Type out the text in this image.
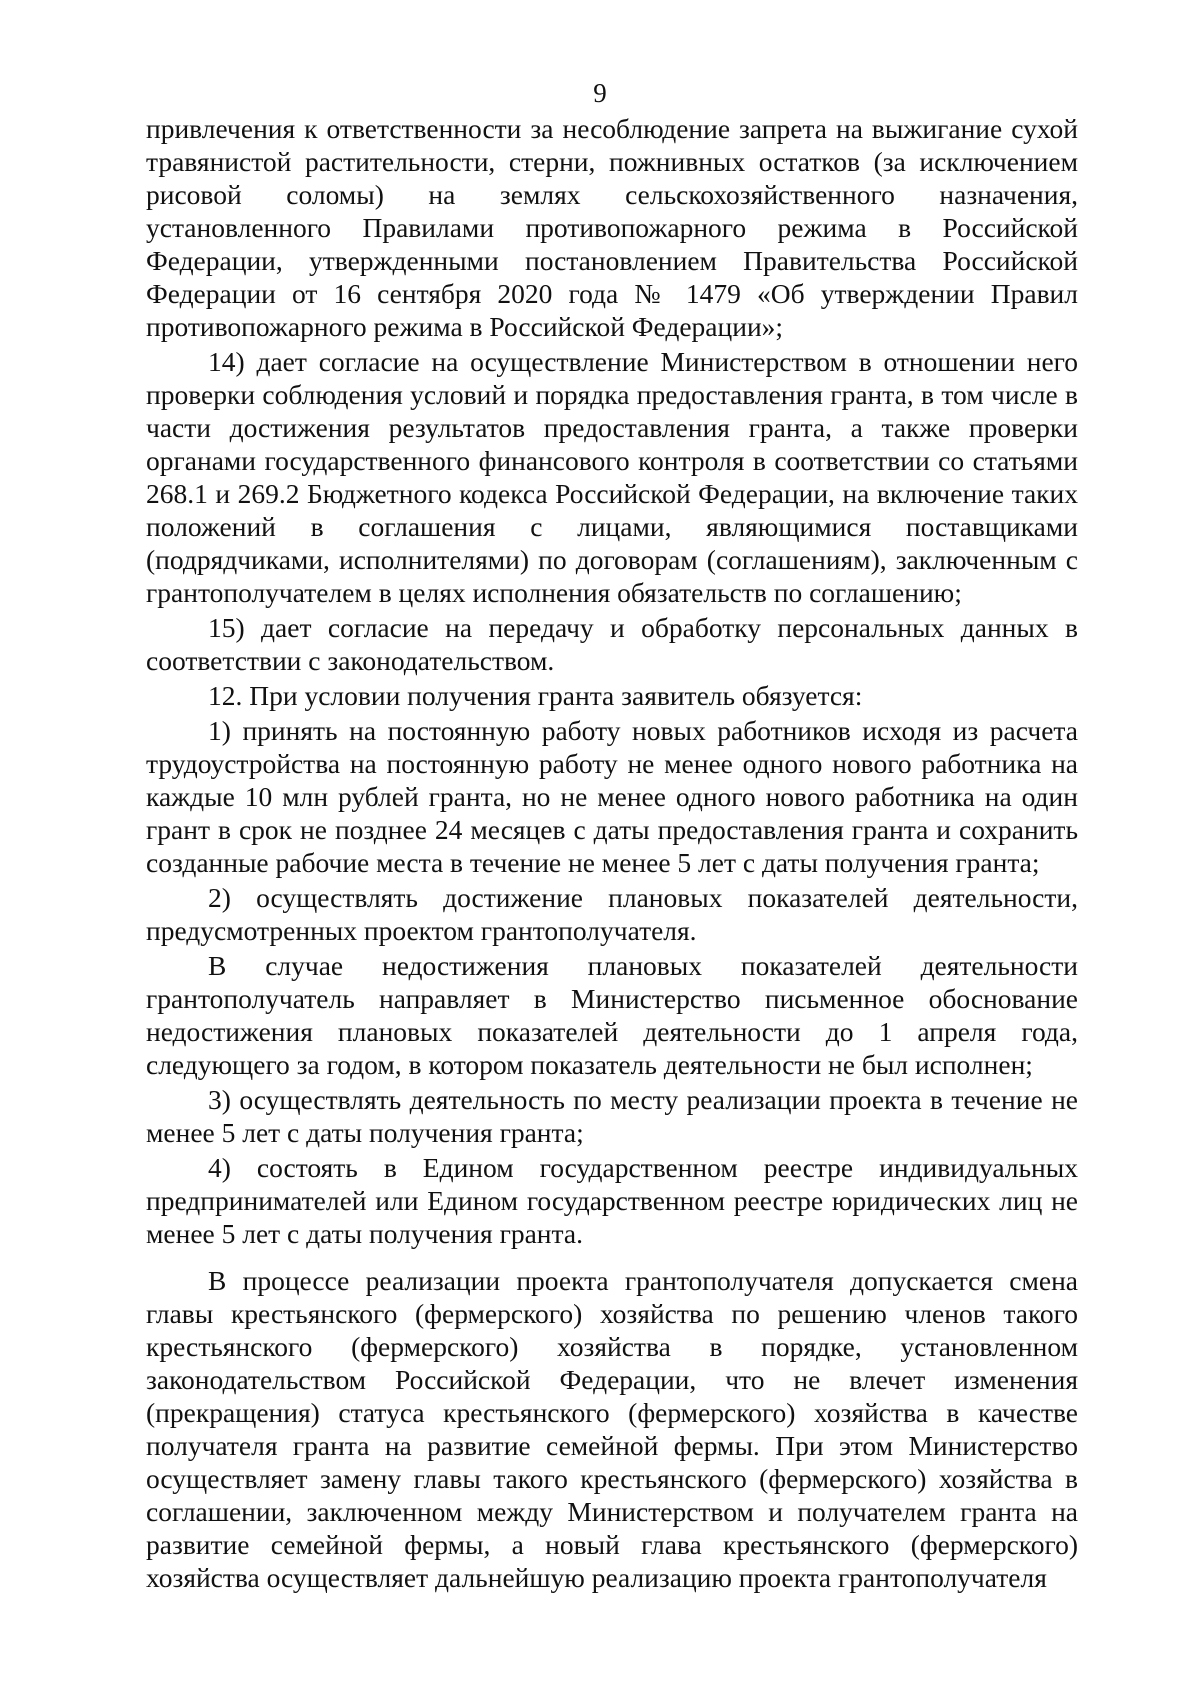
9

привлечения к ответственности за несоблюдение запрета на выжигание сухой травянистой растительности, стерни, пожнивных остатков (за исключением рисовой соломы) на землях сельскохозяйственного назначения, установленного Правилами противопожарного режима в Российской Федерации, утвержденными постановлением Правительства Российской Федерации от 16 сентября 2020 года № 1479 «Об утверждении Правил противопожарного режима в Российской Федерации»;

14) дает согласие на осуществление Министерством в отношении него проверки соблюдения условий и порядка предоставления гранта, в том числе в части достижения результатов предоставления гранта, а также проверки органами государственного финансового контроля в соответствии со статьями 268.1 и 269.2 Бюджетного кодекса Российской Федерации, на включение таких положений в соглашения с лицами, являющимися поставщиками (подрядчиками, исполнителями) по договорам (соглашениям), заключенным с грантополучателем в целях исполнения обязательств по соглашению;

15) дает согласие на передачу и обработку персональных данных в соответствии с законодательством.

12. При условии получения гранта заявитель обязуется:

1) принять на постоянную работу новых работников исходя из расчета трудоустройства на постоянную работу не менее одного нового работника на каждые 10 млн рублей гранта, но не менее одного нового работника на один грант в срок не позднее 24 месяцев с даты предоставления гранта и сохранить созданные рабочие места в течение не менее 5 лет с даты получения гранта;

2) осуществлять достижение плановых показателей деятельности, предусмотренных проектом грантополучателя.

В случае недостижения плановых показателей деятельности грантополучатель направляет в Министерство письменное обоснование недостижения плановых показателей деятельности до 1 апреля года, следующего за годом, в котором показатель деятельности не был исполнен;

3) осуществлять деятельность по месту реализации проекта в течение не менее 5 лет с даты получения гранта;

4) состоять в Едином государственном реестре индивидуальных предпринимателей или Едином государственном реестре юридических лиц не менее 5 лет с даты получения гранта.

В процессе реализации проекта грантополучателя допускается смена главы крестьянского (фермерского) хозяйства по решению членов такого крестьянского (фермерского) хозяйства в порядке, установленном законодательством Российской Федерации, что не влечет изменения (прекращения) статуса крестьянского (фермерского) хозяйства в качестве получателя гранта на развитие семейной фермы. При этом Министерство осуществляет замену главы такого крестьянского (фермерского) хозяйства в соглашении, заключенном между Министерством и получателем гранта на развитие семейной фермы, а новый глава крестьянского (фермерского) хозяйства осуществляет дальнейшую реализацию проекта грантополучателя
